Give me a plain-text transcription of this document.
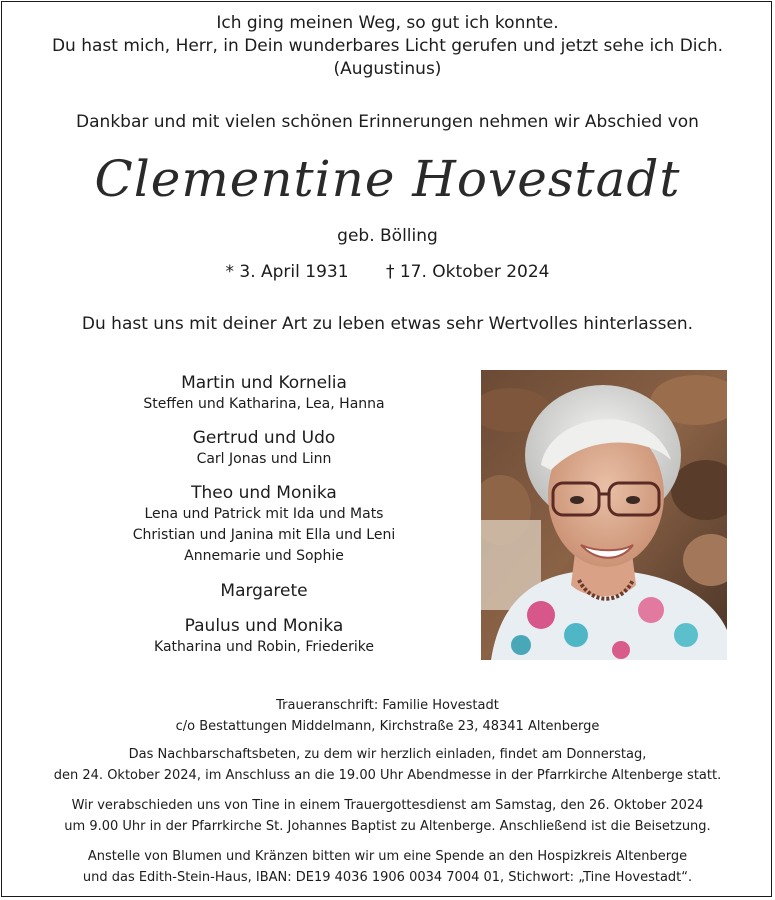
Ich ging meinen Weg, so gut ich konnte.
Du hast mich, Herr, in Dein wunderbares Licht gerufen und jetzt sehe ich Dich.
(Augustinus)
Dankbar und mit vielen schönen Erinnerungen nehmen wir Abschied von
Clementine Hovestadt
geb. Bölling
* 3. April 1931 † 17. Oktober 2024
Du hast uns mit deiner Art zu leben etwas sehr Wertvolles hinterlassen.
Martin und Kornelia
Steffen und Katharina, Lea, Hanna
Gertrud und Udo
Carl Jonas und Linn
Theo und Monika
Lena und Patrick mit Ida und Mats
Christian und Janina mit Ella und Leni
Annemarie und Sophie
Margarete
Paulus und Monika
Katharina und Robin, Friederike
Traueranschrift: Familie Hovestadt
c/o Bestattungen Middelmann, Kirchstraße 23, 48341 Altenberge
Das Nachbarschaftsbeten, zu dem wir herzlich einladen, findet am Donnerstag,
den 24. Oktober 2024, im Anschluss an die 19.00 Uhr Abendmesse in der Pfarrkirche Altenberge statt.
Wir verabschieden uns von Tine in einem Trauergottesdienst am Samstag, den 26. Oktober 2024
um 9.00 Uhr in der Pfarrkirche St. Johannes Baptist zu Altenberge. Anschließend ist die Beisetzung.
Anstelle von Blumen und Kränzen bitten wir um eine Spende an den Hospizkreis Altenberge
und das Edith-Stein-Haus, IBAN: DE19 4036 1906 0034 7004 01, Stichwort: „Tine Hovestadt“.
